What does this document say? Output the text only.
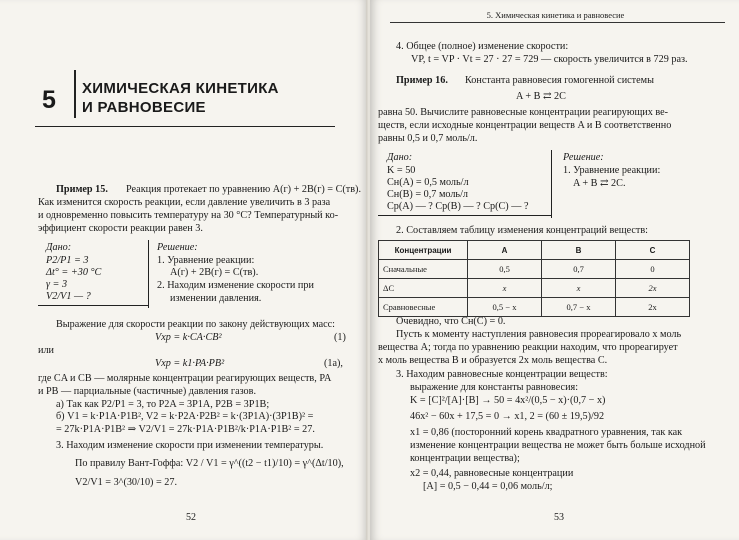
5 ХИМИЧЕСКАЯ КИНЕТИКА
И РАВНОВЕСИЕ
Пример 15. Реакция протекает по уравнению A(г) + 2B(г) = C(тв).
Как изменится скорость реакции, если давление увеличить в 3 раза
и одновременно повысить температуру на 30 °С? Температурный ко-
эффициент скорости реакции равен 3.
Дано:	Решение:
P2/P1 = 3
Δt° = +30 °С
γ = 3
V2/V1 — ?
1. Уравнение реакции:
A(г) + 2B(г) = C(тв).
2. Находим изменение скорости при
изменении давления.
Выражение для скорости реакции по закону действующих масс:
Vхр = k·CA·CB²	(1)
или
Vхр = k1·PA·PB²	(1а),
где CA и CB — молярные концентрации реагирующих веществ, PA
и PB — парциальные (частичные) давления газов.
а) Так как P2/P1 = 3, то P2A = 3P1A, P2B = 3P1B;
б) V1 = k·P1A·P1B², V2 = k·P2A·P2B² = k·(3P1A)·(3P1B)² =
= 27k·P1A·P1B² ⇒ V2/V1 = 27k·P1A·P1B²/k·P1A·P1B² = 27.
3. Находим изменение скорости при изменении температуры.
По правилу Вант-Гоффа: V2 / V1 = γ^((t2 − t1)/10) = γ^(Δt/10),
V2/V1 = 3^(30/10) = 27.
52
5. Химическая кинетика и равновесие
4. Общее (полное) изменение скорости:
VP, t = VP · Vt = 27 · 27 = 729 — скорость увеличится в 729 раз.
Пример 16. Константа равновесия гомогенной системы
A + B ⇄ 2C
равна 50. Вычислите равновесные концентрации реагирующих ве-
ществ, если исходные концентрации веществ A и B соответственно
равны 0,5 и 0,7 моль/л.
Дано:	Решение:
K = 50
Cн(A) = 0,5 моль/л
Cн(B) = 0,7 моль/л
Cр(A) — ? Cр(B) — ? Cр(C) — ?
1. Уравнение реакции:
A + B ⇄ 2C.
2. Составляем таблицу изменения концентраций веществ:
Концентрации	A	B	C
Cначальные	0,5	0,7	0
ΔC	x	x	2x
Cравновесные	0,5 − x	0,7 − x	2x
Очевидно, что Cн(C) = 0.
Пусть к моменту наступления равновесия прореагировало x моль
вещества A; тогда по уравнению реакции находим, что прореагирует
x моль вещества B и образуется 2x моль вещества C.
3. Находим равновесные концентрации веществ:
выражение для константы равновесия:
K = [C]²/[A]·[B] → 50 = 4x²/(0,5 − x)·(0,7 − x)
46x² − 60x + 17,5 = 0 → x1, 2 = (60 ± 19,5)/92
x1 = 0,86 (посторонний корень квадратного уравнения, так как
изменение концентрации вещества не может быть больше исходной
концентрации вещества);
x2 = 0,44, равновесные концентрации
[A] = 0,5 − 0,44 = 0,06 моль/л;
53
